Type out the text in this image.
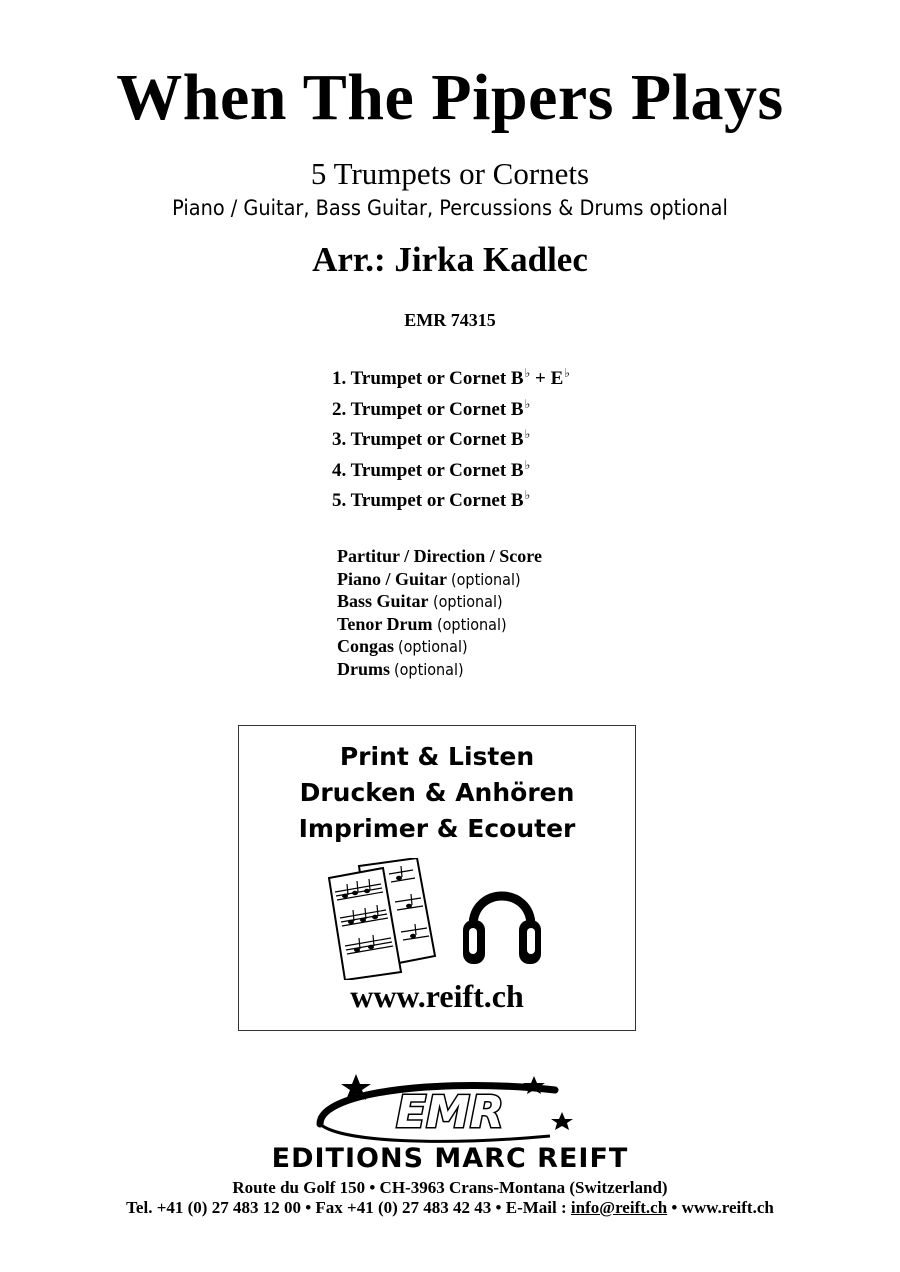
When The Pipers Plays
5 Trumpets or Cornets
Piano / Guitar, Bass Guitar, Percussions & Drums optional
Arr.: Jirka Kadlec
EMR 74315
1. Trumpet or Cornet B♭ + E♭
2. Trumpet or Cornet B♭
3. Trumpet or Cornet B♭
4. Trumpet or Cornet B♭
5. Trumpet or Cornet B♭
Partitur / Direction / Score
Piano / Guitar (optional)
Bass Guitar (optional)
Tenor Drum (optional)
Congas (optional)
Drums (optional)
Print & Listen
Drucken & Anhören
Imprimer & Ecouter
www.reift.ch
EMR
EDITIONS MARC REIFT
Route du Golf 150 • CH-3963 Crans-Montana (Switzerland)
Tel. +41 (0) 27 483 12 00 • Fax +41 (0) 27 483 42 43 • E-Mail : info@reift.ch • www.reift.ch
